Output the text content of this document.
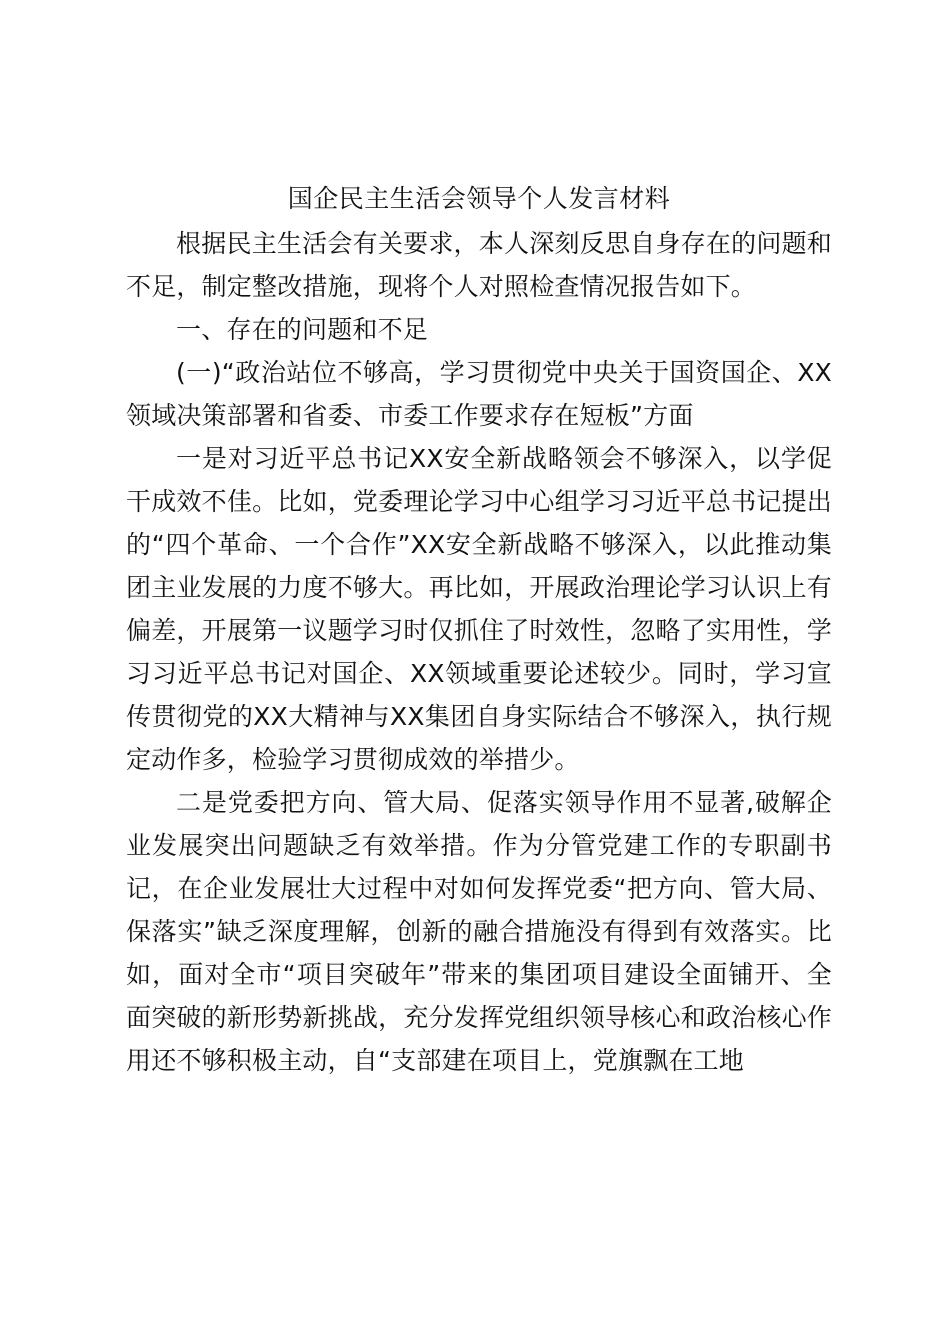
国企民主生活会领导个人发言材料

根据民主生活会有关要求，本人深刻反思自身存在的问题和不足，制定整改措施，现将个人对照检查情况报告如下。

一、存在的问题和不足

(一)“政治站位不够高，学习贯彻党中央关于国资国企、XX领域决策部署和省委、市委工作要求存在短板”方面

一是对习近平总书记XX安全新战略领会不够深入，以学促干成效不佳。比如，党委理论学习中心组学习习近平总书记提出的“四个革命、一个合作”XX安全新战略不够深入，以此推动集团主业发展的力度不够大。再比如，开展政治理论学习认识上有偏差，开展第一议题学习时仅抓住了时效性，忽略了实用性，学习习近平总书记对国企、XX领域重要论述较少。同时，学习宣传贯彻党的XX大精神与XX集团自身实际结合不够深入，执行规定动作多，检验学习贯彻成效的举措少。

二是党委把方向、管大局、促落实领导作用不显著,破解企业发展突出问题缺乏有效举措。作为分管党建工作的专职副书记，在企业发展壮大过程中对如何发挥党委“把方向、管大局、保落实”缺乏深度理解，创新的融合措施没有得到有效落实。比如，面对全市“项目突破年”带来的集团项目建设全面铺开、全面突破的新形势新挑战，充分发挥党组织领导核心和政治核心作用还不够积极主动，自“支部建在项目上，党旗飘在工地
